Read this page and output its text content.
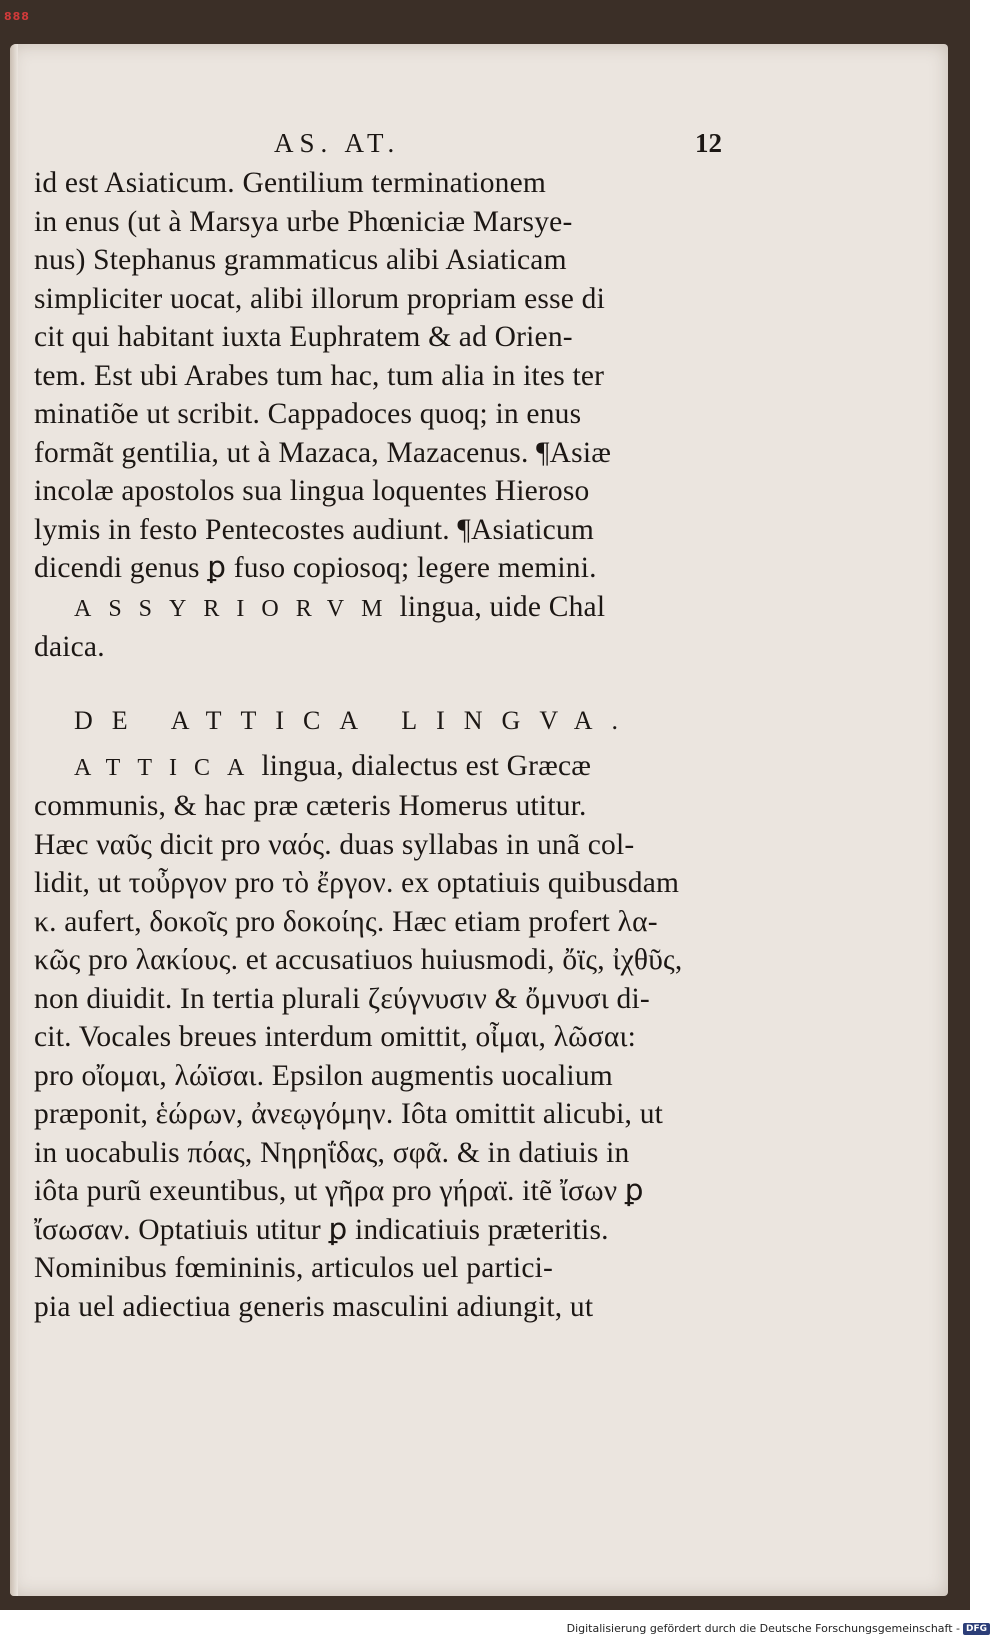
888
AS. AT.	12
id est Asiaticum. Gentilium terminationem
in enus (ut à Marsya urbe Phœniciæ Marsye-
nus) Stephanus grammaticus alibi Asiaticam
simpliciter uocat, alibi illorum propriam esse di
cit qui habitant iuxta Euphratem & ad Orien-
tem. Est ubi Arabes tum hac, tum alia in ites ter
minatiõe ut scribit. Cappadoces quoq; in enus
formãt gentilia, ut à Mazaca, Mazacenus. ¶Asiæ
incolæ apostolos sua lingua loquentes Hieroso
lymis in festo Pentecostes audiunt. ¶Asiaticum
dicendi genus ꝑ fuso copiosoq; legere memini.
ASSYRIORVMlingua, uide Chal
daica.
DE ATTICA LINGVA.
ATTICAlingua, dialectus est Græcæ
communis, & hac præ cæteris Homerus utitur.
Hæc ναῦς dicit pro ναός. duas syllabas in unã col-
lidit, ut τοὖργον pro τὸ ἔργον. ex optatiuis quibusdam
κ. aufert, δοκοῖς pro δοκοίης. Hæc etiam profert λα-
κῶς pro λακίους. et accusatiuos huiusmodi, ὄϊς, ἰχθῦς,
non diuidit. In tertia plurali ζεύγνυσιν & ὄμνυσι di-
cit. Vocales breues interdum omittit, οἶμαι, λῶσαι:
pro οἴομαι, λώϊσαι. Epsilon augmentis uocalium
præponit, ἑώρων, ἀνεῳγόμην. Iôta omittit alicubi, ut
in uocabulis πόας, Νηρηΐδας, σφᾶ. & in datiuis in
iôta purũ exeuntibus, ut γῆρα pro γήραϊ. itẽ ἴσων ꝑ
ἴσωσαν. Optatiuis utitur ꝑ indicatiuis præteritis.
Nominibus fœmininis, articulos uel partici-
pia uel adiectiua generis masculini adiungit, ut
Digitalisierung gefördert durch die Deutsche Forschungsgemeinschaft - DFG
